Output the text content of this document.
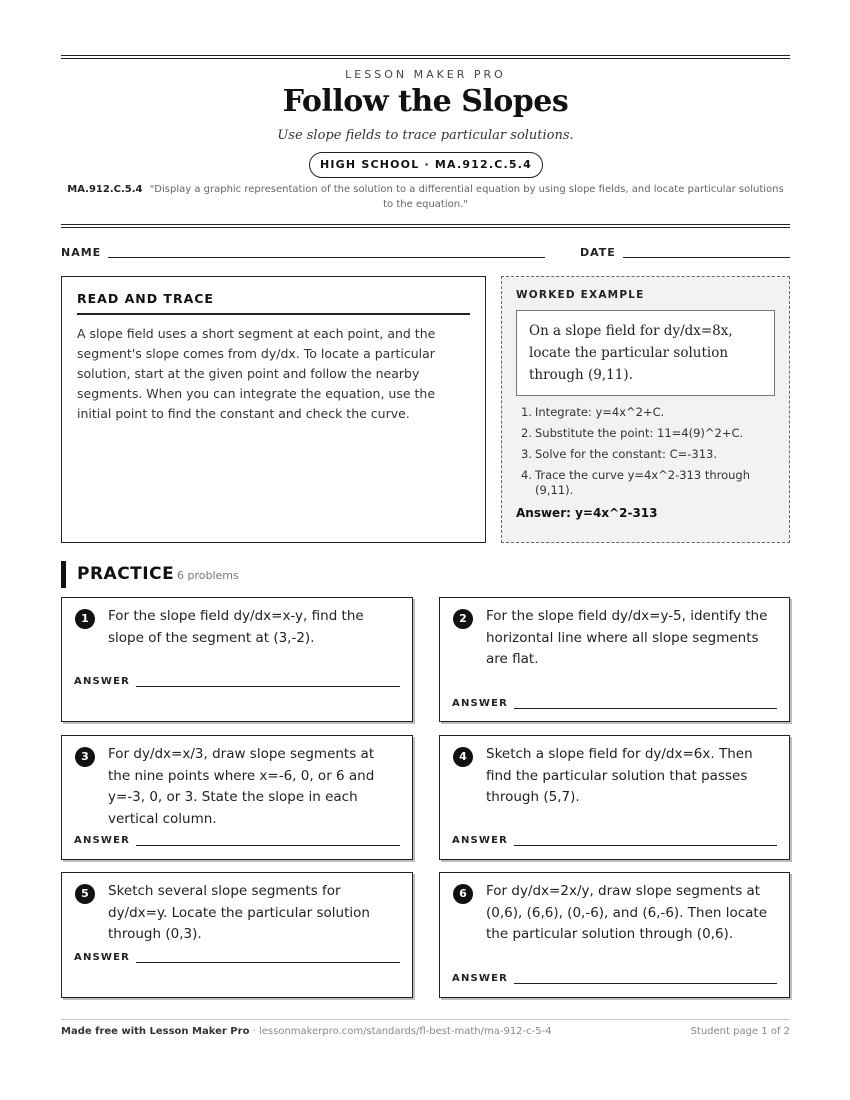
LESSON MAKER PRO
Follow the Slopes
Use slope fields to trace particular solutions.
HIGH SCHOOL · MA.912.C.5.4
MA.912.C.5.4 "Display a graphic representation of the solution to a differential equation by using slope fields, and locate particular solutions to the equation."
NAME	DATE
READ AND TRACE
A slope field uses a short segment at each point, and the segment's slope comes from dy/dx. To locate a particular solution, start at the given point and follow the nearby segments. When you can integrate the equation, use the initial point to find the constant and check the curve.
WORKED EXAMPLE
On a slope field for dy/dx=8x, locate the particular solution through (9,11).
1. Integrate: y=4x^2+C.
2. Substitute the point: 11=4(9)^2+C.
3. Solve for the constant: C=-313.
4. Trace the curve y=4x^2-313 through (9,11).
Answer: y=4x^2-313
PRACTICE 6 problems
1	For the slope field dy/dx=x-y, find the slope of the segment at (3,-2).
ANSWER
2	For the slope field dy/dx=y-5, identify the horizontal line where all slope segments are flat.
ANSWER
3	For dy/dx=x/3, draw slope segments at the nine points where x=-6, 0, or 6 and y=-3, 0, or 3. State the slope in each vertical column.
ANSWER
4	Sketch a slope field for dy/dx=6x. Then find the particular solution that passes through (5,7).
ANSWER
5	Sketch several slope segments for dy/dx=y. Locate the particular solution through (0,3).
ANSWER
6	For dy/dx=2x/y, draw slope segments at (0,6), (6,6), (0,-6), and (6,-6). Then locate the particular solution through (0,6).
ANSWER
Made free with Lesson Maker Pro · lessonmakerpro.com/standards/fl-best-math/ma-912-c-5-4	Student page 1 of 2
